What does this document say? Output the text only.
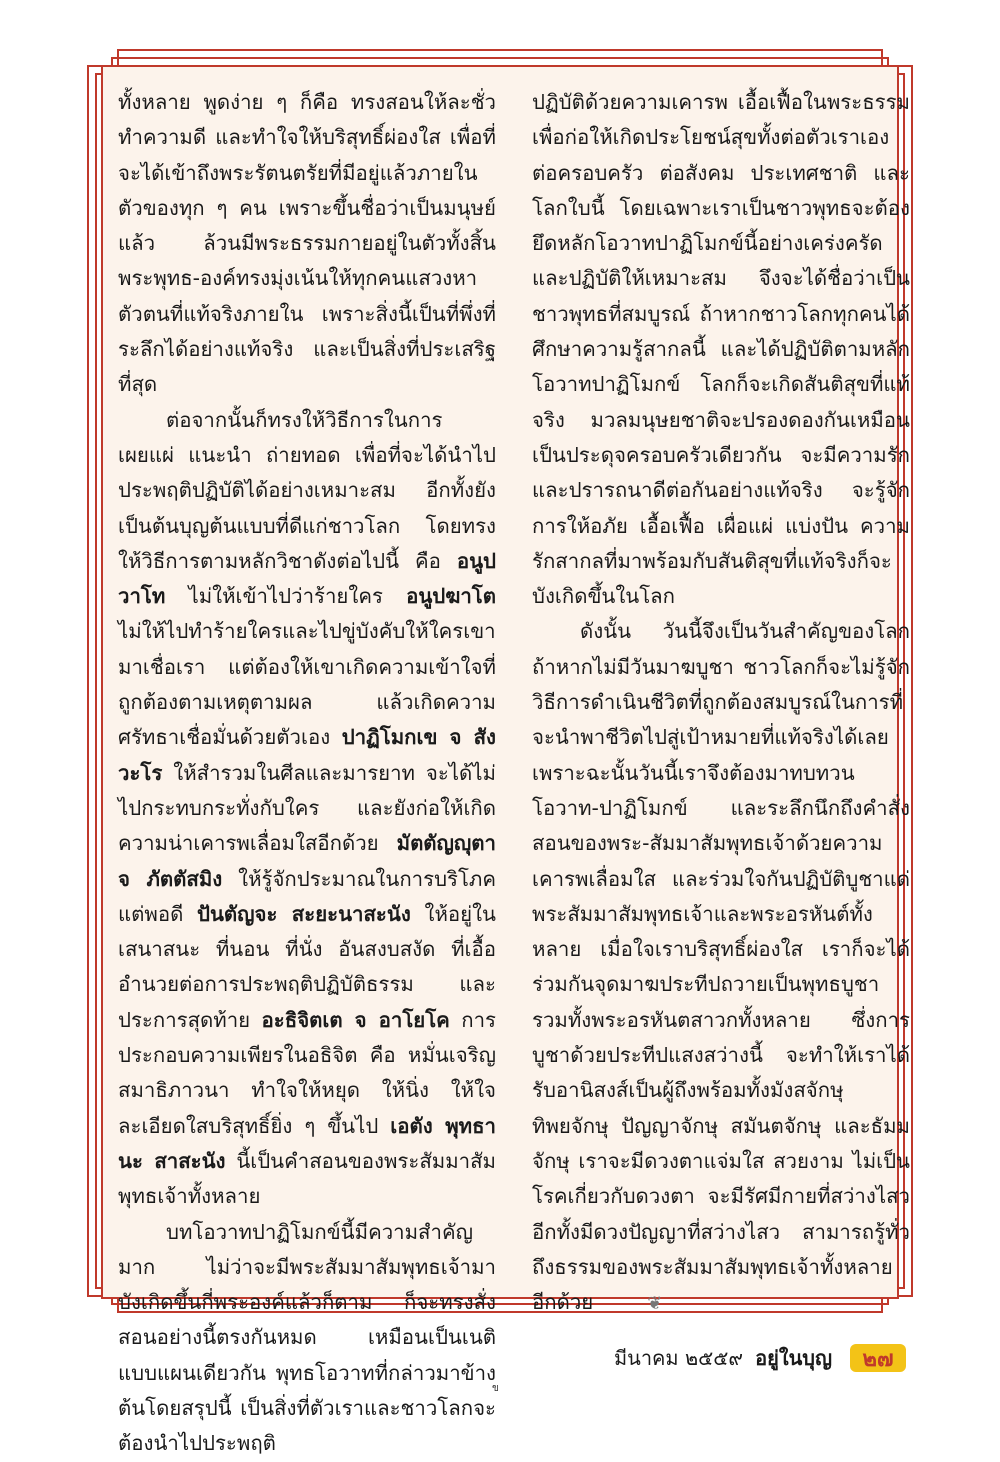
ทั้งหลาย พูดง่าย ๆ ก็คือ ทรงสอนให้ละชั่ว ทำความดี และทำใจให้บริสุทธิ์ผ่องใส เพื่อที่จะได้เข้าถึงพระรัตนตรัยที่มีอยู่แล้วภายในตัวของทุก ๆ คน เพราะขึ้นชื่อว่าเป็นมนุษย์แล้ว ล้วนมีพระธรรมกายอยู่ในตัวทั้งสิ้น พระพุทธ-องค์ทรงมุ่งเน้นให้ทุกคนแสวงหาตัวตนที่แท้จริงภายใน เพราะสิ่งนี้เป็นที่พึ่งที่ระลึกได้อย่างแท้จริง และเป็นสิ่งที่ประเสริฐที่สุด

ต่อจากนั้นก็ทรงให้วิธีการในการเผยแผ่ แนะนำ ถ่ายทอด เพื่อที่จะได้นำไปประพฤติปฏิบัติได้อย่างเหมาะสม อีกทั้งยังเป็นต้นบุญต้นแบบที่ดีแก่ชาวโลก โดยทรงให้วิธีการตามหลักวิชาดังต่อไปนี้ คือ อนูปวาโท ไม่ให้เข้าไปว่าร้ายใคร อนูปฆาโต ไม่ให้ไปทำร้ายใครและไปขู่บังคับให้ใครเขามาเชื่อเรา แต่ต้องให้เขาเกิดความเข้าใจที่ถูกต้องตามเหตุตามผล แล้วเกิดความศรัทธาเชื่อมั่นด้วยตัวเอง ปาฏิโมกเข จ สังวะโร ให้สำรวมในศีลและมารยาท จะได้ไม่ไปกระทบกระทั่งกับใคร และยังก่อให้เกิดความน่าเคารพเลื่อมใสอีกด้วย มัตตัญญุตา จ ภัตตัสมิง ให้รู้จักประมาณในการบริโภคแต่พอดี ปันตัญจะ สะยะนาสะนัง ให้อยู่ในเสนาสนะ ที่นอน ที่นั่ง อันสงบสงัด ที่เอื้ออำนวยต่อการประพฤติปฏิบัติธรรม และประการสุดท้าย อะธิจิตเต จ อาโยโค การประกอบความเพียรในอธิจิต คือ หมั่นเจริญสมาธิภาวนา ทำใจให้หยุด ให้นิ่ง ให้ใจละเอียดใสบริสุทธิ์ยิ่ง ๆ ขึ้นไป เอตัง พุทธานะ สาสะนัง นี้เป็นคำสอนของพระสัมมาสัมพุทธเจ้าทั้งหลาย

บทโอวาทปาฏิโมกข์นี้มีความสำคัญมาก ไม่ว่าจะมีพระสัมมาสัมพุทธเจ้ามาบังเกิดขึ้นกี่พระองค์แล้วก็ตาม ก็จะทรงสั่งสอนอย่างนี้ตรงกันหมด เหมือนเป็นเนติแบบแผนเดียวกัน พุทธโอวาทที่กล่าวมาข้างต้นโดยสรุปนี้ เป็นสิ่งที่ตัวเราและชาวโลกจะต้องนำไปประพฤติ

ปฏิบัติด้วยความเคารพ เอื้อเฟื้อในพระธรรม เพื่อก่อให้เกิดประโยชน์สุขทั้งต่อตัวเราเอง ต่อครอบครัว ต่อสังคม ประเทศชาติ และโลกใบนี้ โดยเฉพาะเราเป็นชาวพุทธจะต้องยึดหลักโอวาทปาฏิโมกข์นี้อย่างเคร่งครัด และปฏิบัติให้เหมาะสม จึงจะได้ชื่อว่าเป็นชาวพุทธที่สมบูรณ์ ถ้าหากชาวโลกทุกคนได้ศึกษาความรู้สากลนี้ และได้ปฏิบัติตามหลักโอวาทปาฏิโมกข์ โลกก็จะเกิดสันติสุขที่แท้จริง มวลมนุษยชาติจะปรองดองกันเหมือนเป็นประดุจครอบครัวเดียวกัน จะมีความรักและปรารถนาดีต่อกันอย่างแท้จริง จะรู้จักการให้อภัย เอื้อเฟื้อ เผื่อแผ่ แบ่งปัน ความรักสากลที่มาพร้อมกับสันติสุขที่แท้จริงก็จะบังเกิดขึ้นในโลก

ดังนั้น วันนี้จึงเป็นวันสำคัญของโลก ถ้าหากไม่มีวันมาฆบูชา ชาวโลกก็จะไม่รู้จักวิธีการดำเนินชีวิตที่ถูกต้องสมบูรณ์ในการที่จะนำพาชีวิตไปสู่เป้าหมายที่แท้จริงได้เลย เพราะฉะนั้นวันนี้เราจึงต้องมาทบทวนโอวาท-ปาฏิโมกข์ และระลึกนึกถึงคำสั่งสอนของพระ-สัมมาสัมพุทธเจ้าด้วยความเคารพเลื่อมใส และร่วมใจกันปฏิบัติบูชาแด่พระสัมมาสัมพุทธเจ้าและพระอรหันต์ทั้งหลาย เมื่อใจเราบริสุทธิ์ผ่องใส เราก็จะได้ร่วมกันจุดมาฆประทีปถวายเป็นพุทธบูชา รวมทั้งพระอรหันตสาวกทั้งหลาย ซึ่งการบูชาด้วยประทีปแสงสว่างนี้ จะทำให้เราได้รับอานิสงส์เป็นผู้ถึงพร้อมทั้งมังสจักษุ ทิพยจักษุ ปัญญาจักษุ สมันตจักษุ และธัมมจักษุ เราจะมีดวงตาแจ่มใส สวยงาม ไม่เป็นโรคเกี่ยวกับดวงตา จะมีรัศมีกายที่สว่างไสว อีกทั้งมีดวงปัญญาที่สว่างไสว สามารถรู้ทั่วถึงธรรมของพระสัมมาสัมพุทธเจ้าทั้งหลายอีกด้วย	❦

มีนาคม ๒๕๕๙ อยู่ในบุญ	๒๗
ข
